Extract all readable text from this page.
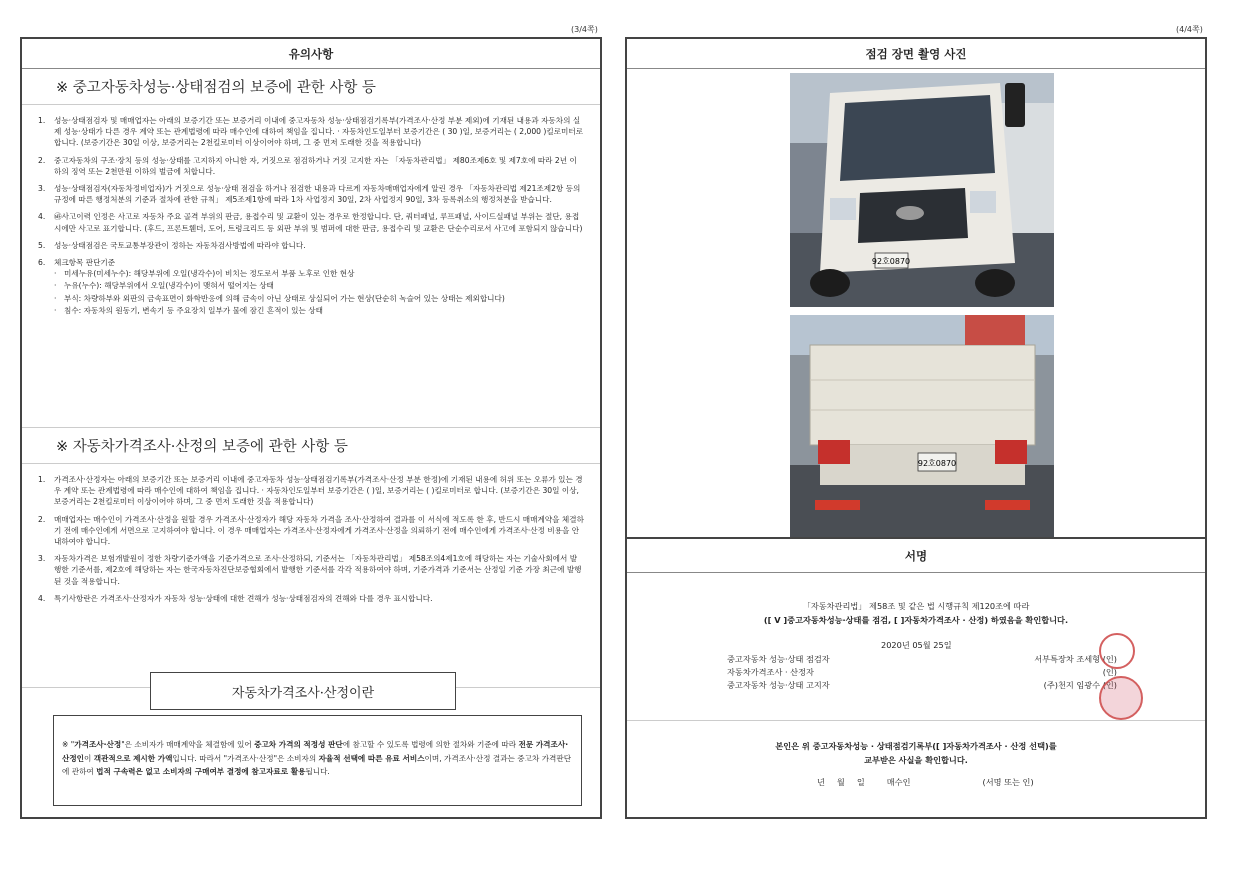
(3/4쪽)
유의사항
※ 중고자동차성능·상태점검의 보증에 관한 사항 등
1.	성능·상태점검자 및 매매업자는 아래의 보증기간 또는 보증거리 이내에 중고자동차 성능·상태점검기록부(가격조사·산정 부분 제외)에 기재된 내용과 자동차의 실제 성능·상태가 다른 경우 계약 또는 관계법령에 따라 매수인에 대하여 책임을 집니다. · 자동차인도일부터 보증기간은 ( 30 )일, 보증거리는 ( 2,000 )킬로미터로 합니다. (보증기간은 30일 이상, 보증거리는 2천킬로미터 이상이어야 하며, 그 중 먼저 도래한 것을 적용합니다)
2.	중고자동차의 구조·장치 등의 성능·상태를 고지하지 아니한 자, 거짓으로 점검하거나 거짓 고지한 자는 「자동차관리법」 제80조제6호 및 제7호에 따라 2년 이하의 징역 또는 2천만원 이하의 벌금에 처합니다.
3.	성능·상태점검자(자동차정비업자)가 거짓으로 성능·상태 점검을 하거나 점검한 내용과 다르게 자동차매매업자에게 알린 경우 「자동차관리법 제21조제2항 등의 규정에 따른 행정처분의 기준과 절차에 관한 규칙」 제5조제1항에 따라 1차 사업정지 30일, 2차 사업정지 90일, 3차 등록취소의 행정처분을 받습니다.
4.	㉳사고이력 인정은 사고로 자동차 주요 골격 부위의 판금, 용접수리 및 교환이 있는 경우로 한정합니다. 단, 쿼터패널, 루프패널, 사이드실패널 부위는 절단, 용접시에만 사고로 표기합니다. (후드, 프론트휀더, 도어, 트렁크리드 등 외판 부위 및 범퍼에 대한 판금, 용접수리 및 교환은 단순수리로서 사고에 포함되지 않습니다)
5.	성능·상태점검은 국토교통부장관이 정하는 자동차검사방법에 따라야 합니다.
6.	체크항목 판단기준
· 미세누유(미세누수): 해당부위에 오일(냉각수)이 비치는 정도로서 부품 노후로 인한 현상
· 누유(누수): 해당부위에서 오일(냉각수)이 맺혀서 떨어지는 상태
· 부식: 차량하부와 외판의 금속표면이 화학반응에 의해 금속이 아닌 상태로 상실되어 가는 현상(단순히 녹슬어 있는 상태는 제외합니다)
· 침수: 자동차의 원동기, 변속기 등 주요장치 일부가 물에 잠긴 흔적이 있는 상태
※ 자동차가격조사·산정의 보증에 관한 사항 등
1.	가격조사·산정자는 아래의 보증기간 또는 보증거리 이내에 중고자동차 성능·상태점검기록부(가격조사·산정 부분 한정)에 기재된 내용에 허위 또는 오류가 있는 경우 계약 또는 관계법령에 따라 매수인에 대하여 책임을 집니다. · 자동차인도일부터 보증기간은 ( )일, 보증거리는 ( )킬로미터로 합니다. (보증기간은 30일 이상, 보증거리는 2천킬로미터 이상이어야 하며, 그 중 먼저 도래한 것을 적용합니다)
2.	매매업자는 매수인이 가격조사·산정을 원할 경우 가격조사·산정자가 해당 자동차 가격을 조사·산정하여 결과를 이 서식에 적도록 한 후, 반드시 매매계약을 체결하기 전에 매수인에게 서면으로 고지하여야 합니다. 이 경우 매매업자는 가격조사·산정자에게 가격조사·산정을 의뢰하기 전에 매수인에게 가격조사·산정 비용을 안내하여야 합니다.
3.	자동차가격은 보험개발원이 정한 차량기준가액을 기준가격으로 조사·산정하되, 기준서는 「자동차관리법」 제58조의4제1호에 해당하는 자는 기술사회에서 발행한 기준서를, 제2호에 해당하는 자는 한국자동차진단보증협회에서 발행한 기준서를 각각 적용하여야 하며, 기준가격과 기준서는 산정일 기준 가장 최근에 발행된 것을 적용합니다.
4.	특기사항란은 가격조사·산정자가 자동차 성능·상태에 대한 견해가 성능·상태점검자의 견해와 다를 경우 표시합니다.
자동차가격조사·산정이란
※ "가격조사·산정"은 소비자가 매매계약을 체결함에 있어 중고차 가격의 적정성 판단에 참고할 수 있도록 법령에 의한 절차와 기준에 따라 전문 가격조사·산정인이 객관적으로 제시한 가액입니다. 따라서 "가격조사·산정"은 소비자의 자율적 선택에 따른 유료 서비스이며, 가격조사·산정 결과는 중고차 가격판단에 관하여 법적 구속력은 없고 소비자의 구매여부 결정에 참고자료로 활용됩니다.
(4/4쪽)
점검 장면 촬영 사진
92호0870
92호0870
서명
「자동차관리법」 제58조 및 같은 법 시행규칙 제120조에 따라
([ V ]중고자동차성능·상태를 점검, [ ]자동차가격조사 · 산정) 하였음을 확인합니다.
2020년 05월 25일
중고자동차 성능·상태 점검자	서부특장차 조세형 (인)
자동차가격조사 · 산정자	(인)
중고자동차 성능·상태 고지자	(주)천지 임광수 (인)
본인은 위 중고자동차성능 · 상태점검기록부([ ]자동차가격조사 · 산정 선택)를
교부받은 사실을 확인합니다.
년 월 일	매수인	(서명 또는 인)
